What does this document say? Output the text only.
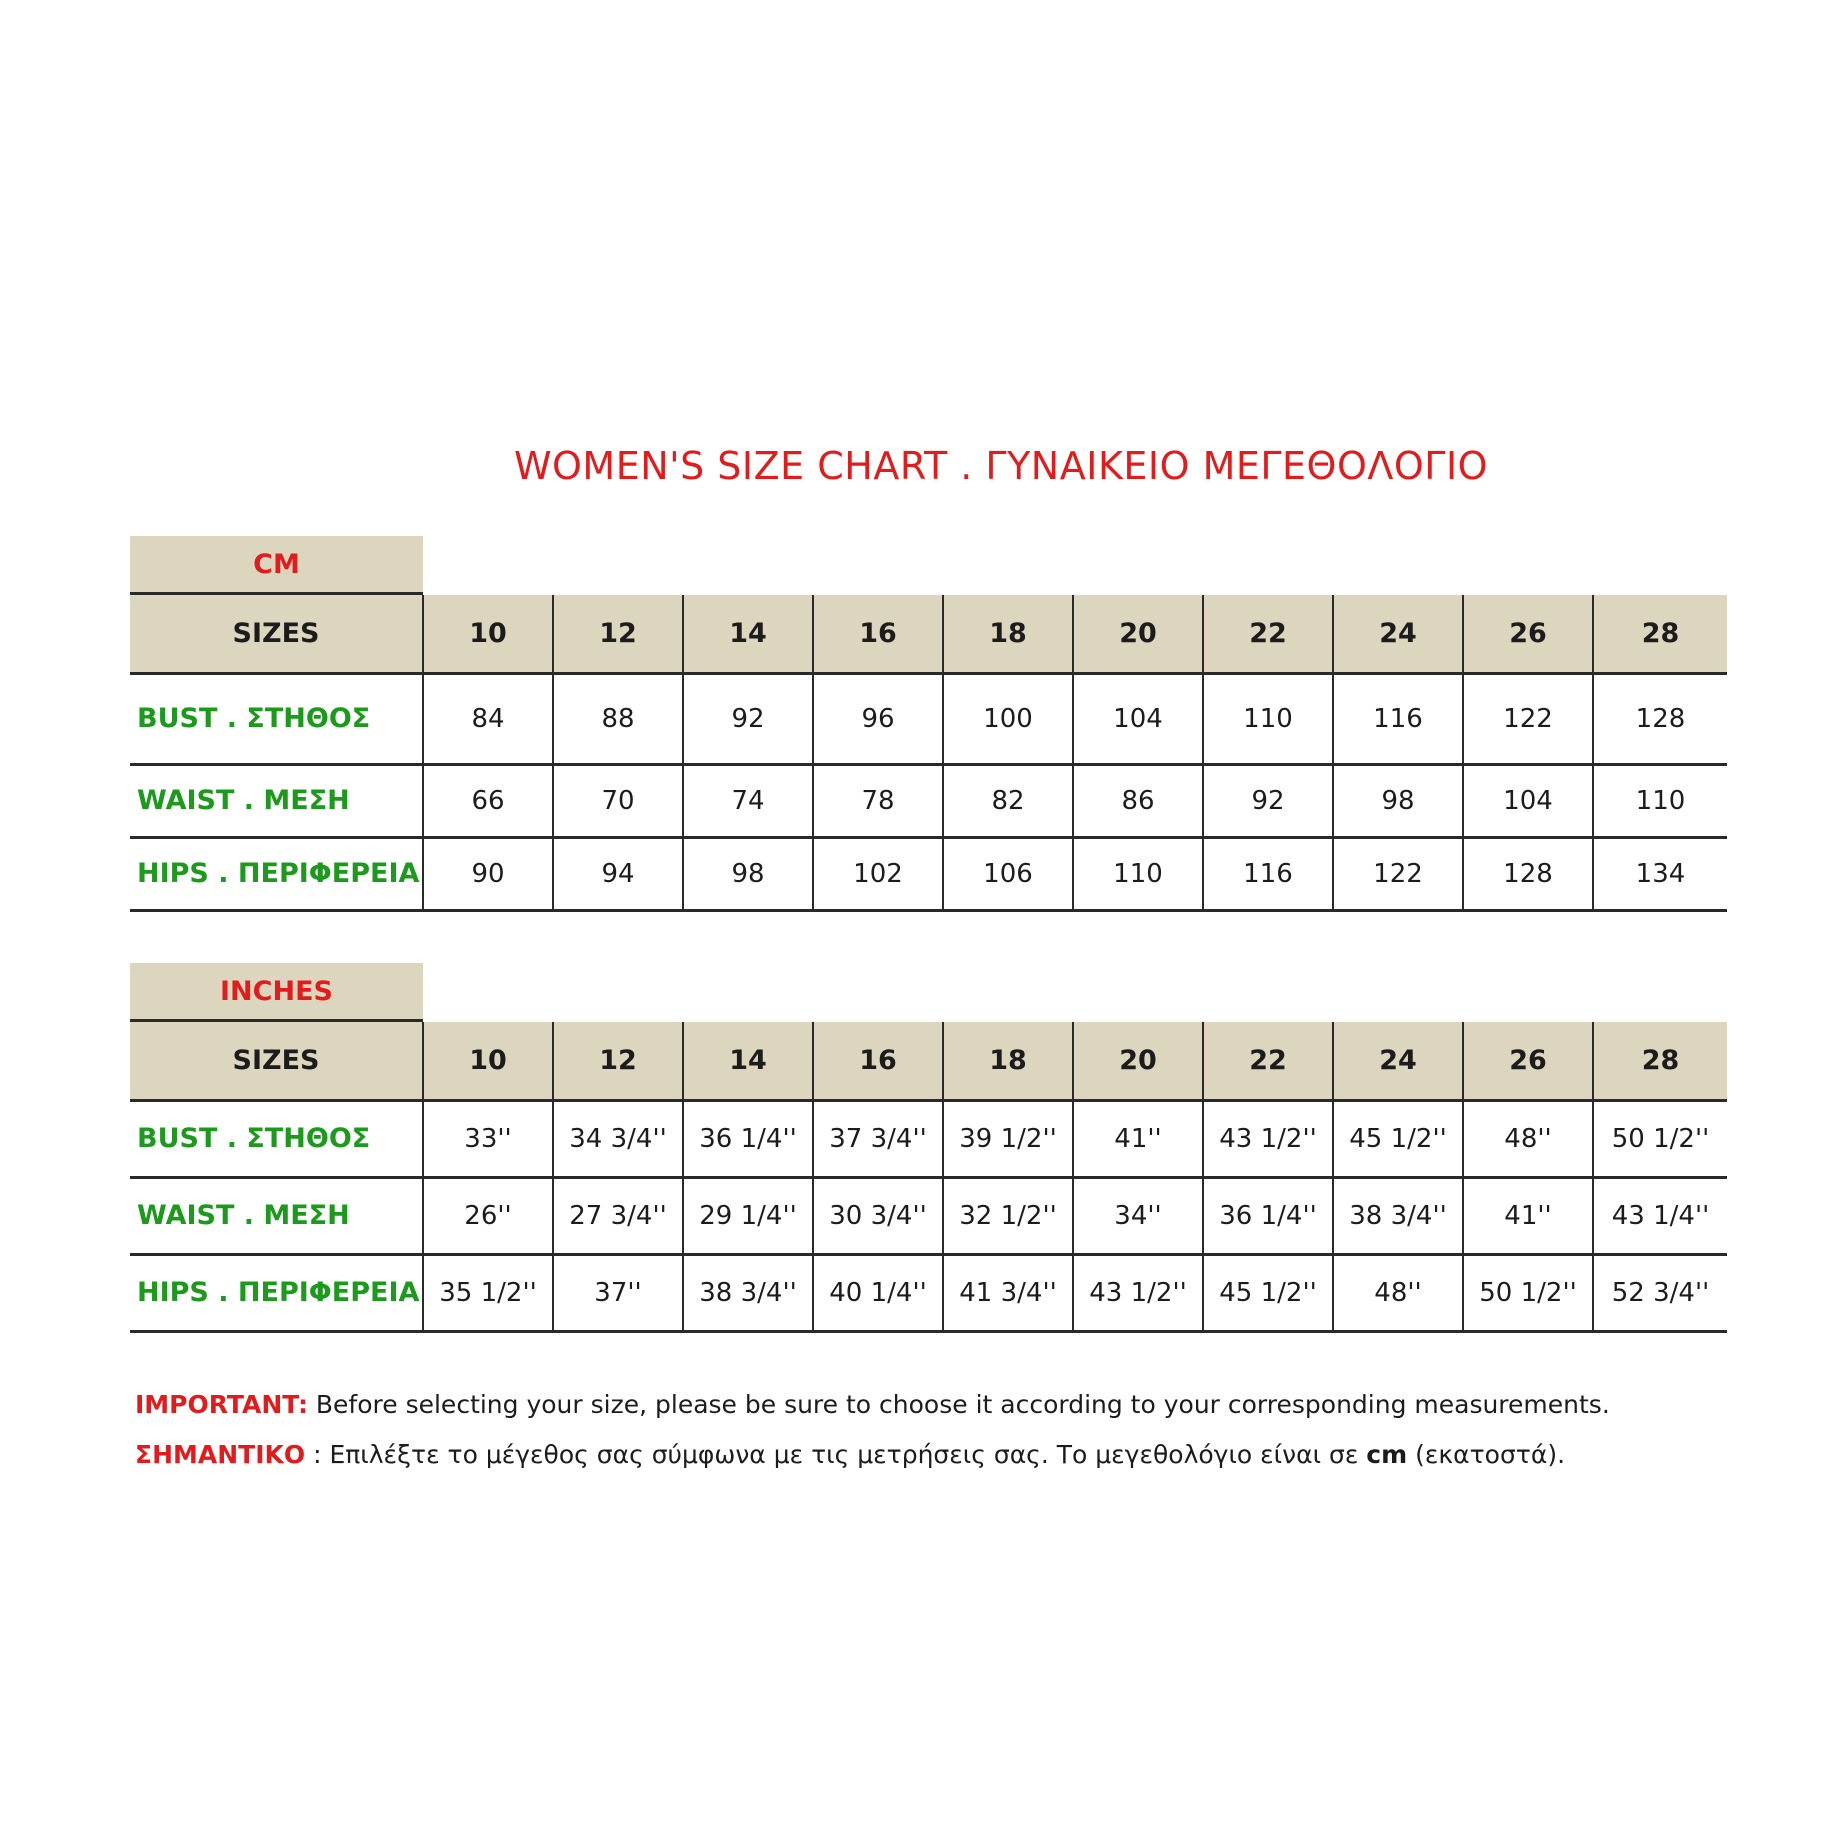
WOMEN'S SIZE CHART . ΓΥΝΑΙΚΕΙΟ ΜΕΓΕΘΟΛΟΓΙΟ
CM
SIZES	10	12	14	16	18	20	22	24	26	28
BUST . ΣΤΗΘΟΣ	84	88	92	96	100	104	110	116	122	128
WAIST . ΜΕΣΗ	66	70	74	78	82	86	92	98	104	110
HIPS . ΠΕΡΙΦΕΡΕΙΑ	90	94	98	102	106	110	116	122	128	134
INCHES
SIZES	10	12	14	16	18	20	22	24	26	28
BUST . ΣΤΗΘΟΣ	33''	34 3/4''	36 1/4''	37 3/4''	39 1/2''	41''	43 1/2''	45 1/2''	48''	50 1/2''
WAIST . ΜΕΣΗ	26''	27 3/4''	29 1/4''	30 3/4''	32 1/2''	34''	36 1/4''	38 3/4''	41''	43 1/4''
HIPS . ΠΕΡΙΦΕΡΕΙΑ	35 1/2''	37''	38 3/4''	40 1/4''	41 3/4''	43 1/2''	45 1/2''	48''	50 1/2''	52 3/4''
IMPORTANT: Before selecting your size, please be sure to choose it according to your corresponding measurements.
ΣΗΜΑΝΤΙΚΟ : Επιλέξτε το μέγεθος σας σύμφωνα με τις μετρήσεις σας. Το μεγεθολόγιο είναι σε cm (εκατοστά).
